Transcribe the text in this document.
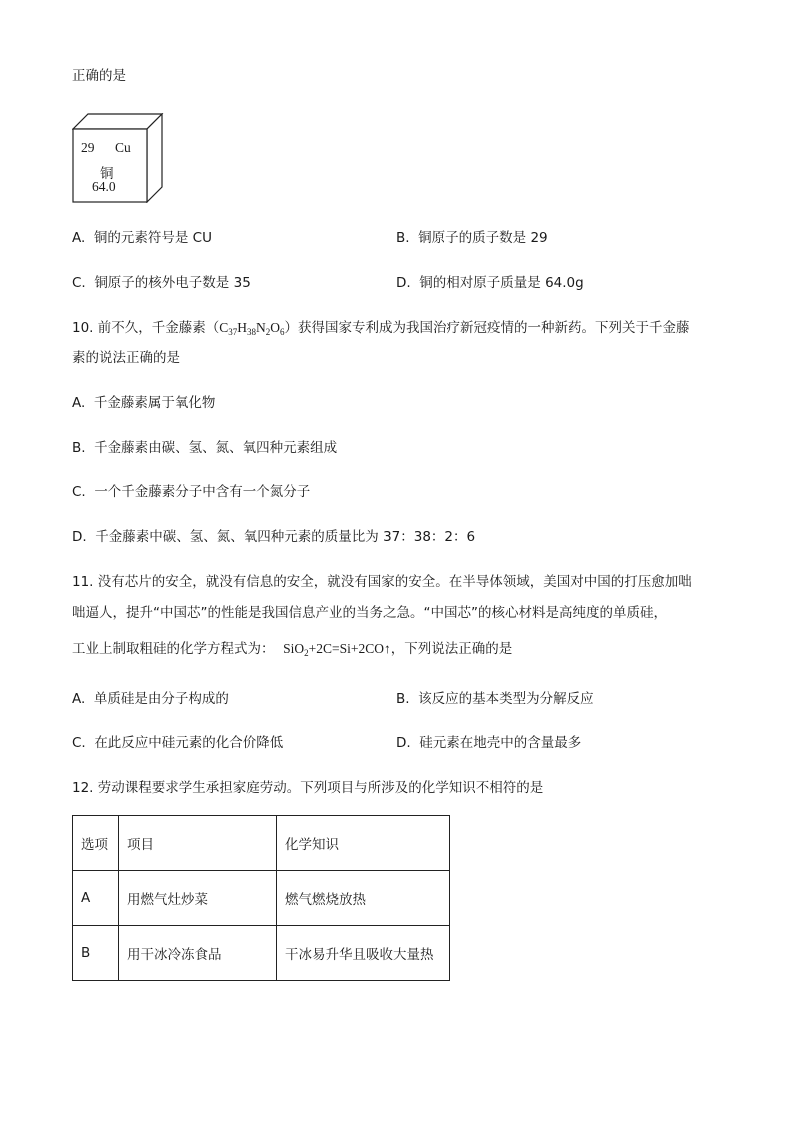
正确的是
29 Cu
铜
64.0
A. 铜的元素符号是 CU	B. 铜原子的质子数是 29
C. 铜原子的核外电子数是 35	D. 铜的相对原子质量是 64.0g
10. 前不久，千金藤素$(C_{37}H_{38}N_2O_6)$获得国家专利成为我国治疗新冠疫情的一种新药。下列关于千金藤
素的说法正确的是
A. 千金藤素属于氧化物
B. 千金藤素由碳、氢、氮、氧四种元素组成
C. 一个千金藤素分子中含有一个氮分子
D. 千金藤素中碳、氢、氮、氧四种元素的质量比为 37：38：2：6
11. 没有芯片的安全，就没有信息的安全，就没有国家的安全。在半导体领域，美国对中国的打压愈加咄
咄逼人，提升“中国芯”的性能是我国信息产业的当务之急。“中国芯”的核心材料是高纯度的单质硅，
工业上制取粗硅的化学方程式为： SiO$_2$+2C=Si+2CO↑，下列说法正确的是
A. 单质硅是由分子构成的	B. 该反应的基本类型为分解反应
C. 在此反应中硅元素的化合价降低	D. 硅元素在地壳中的含量最多
12. 劳动课程要求学生承担家庭劳动。下列项目与所涉及的化学知识不相符的是
选项	项目	化学知识
A	用燃气灶炒菜	燃气燃烧放热
B	用干冰冷冻食品	干冰易升华且吸收大量热
